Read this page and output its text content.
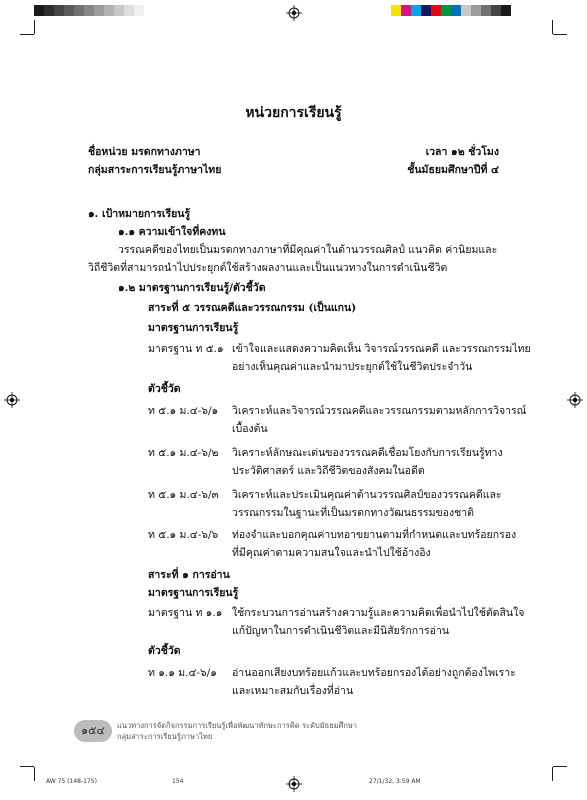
หน่วยการเรียนรู้
ชื่อหน่วย มรดกทางภาษา	เวลา ๑๒ ชั่วโมง
กลุ่มสาระการเรียนรู้ภาษาไทย	ชั้นมัธยมศึกษาปีที่ ๔
๑. เป้าหมายการเรียนรู้
๑.๑ ความเข้าใจที่คงทน
วรรณคดีของไทยเป็นมรดกทางภาษาที่มีคุณค่าในด้านวรรณศิลป์ แนวคิด ค่านิยมและ
วิถีชีวิตที่สามารถนำไปประยุกต์ใช้สร้างผลงานและเป็นแนวทางในการดำเนินชีวิต
๑.๒ มาตรฐานการเรียนรู้/ตัวชี้วัด
สาระที่ ๕ วรรณคดีและวรรณกรรม (เป็นแกน)
มาตรฐานการเรียนรู้
มาตรฐาน ท ๕.๑ เข้าใจและแสดงความคิดเห็น วิจารณ์วรรณคดี และวรรณกรรมไทย
อย่างเห็นคุณค่าและนำมาประยุกต์ใช้ในชีวิตประจำวัน
ตัวชี้วัด
ท ๕.๑ ม.๔-๖/๑ วิเคราะห์และวิจารณ์วรรณคดีและวรรณกรรมตามหลักการวิจารณ์
เบื้องต้น
ท ๕.๑ ม.๔-๖/๒ วิเคราะห์ลักษณะเด่นของวรรณคดีเชื่อมโยงกับการเรียนรู้ทาง
ประวัติศาสตร์ และวิถีชีวิตของสังคมในอดีต
ท ๕.๑ ม.๔-๖/๓ วิเคราะห์และประเมินคุณค่าด้านวรรณศิลป์ของวรรณคดีและ
วรรณกรรมในฐานะที่เป็นมรดกทางวัฒนธรรมของชาติ
ท ๕.๑ ม.๔-๖/๖ ท่องจำและบอกคุณค่าบทอาขยานตามที่กำหนดและบทร้อยกรอง
ที่มีคุณค่าตามความสนใจและนำไปใช้อ้างอิง
สาระที่ ๑ การอ่าน
มาตรฐานการเรียนรู้
มาตรฐาน ท ๑.๑ ใช้กระบวนการอ่านสร้างความรู้และความคิดเพื่อนำไปใช้ตัดสินใจ
แก้ปัญหาในการดำเนินชีวิตและมีนิสัยรักการอ่าน
ตัวชี้วัด
ท ๑.๑ ม.๔-๖/๑ อ่านออกเสียงบทร้อยแก้วและบทร้อยกรองได้อย่างถูกต้องไพเราะ
และเหมาะสมกับเรื่องที่อ่าน
๑๕๔	แนวทางการจัดกิจกรรมการเรียนรู้เพื่อพัฒนาทักษะการคิด ระดับมัธยมศึกษา
กลุ่มสาระการเรียนรู้ภาษาไทย
AW 75 (148-175)	154	27/1/32, 3:59 AM
